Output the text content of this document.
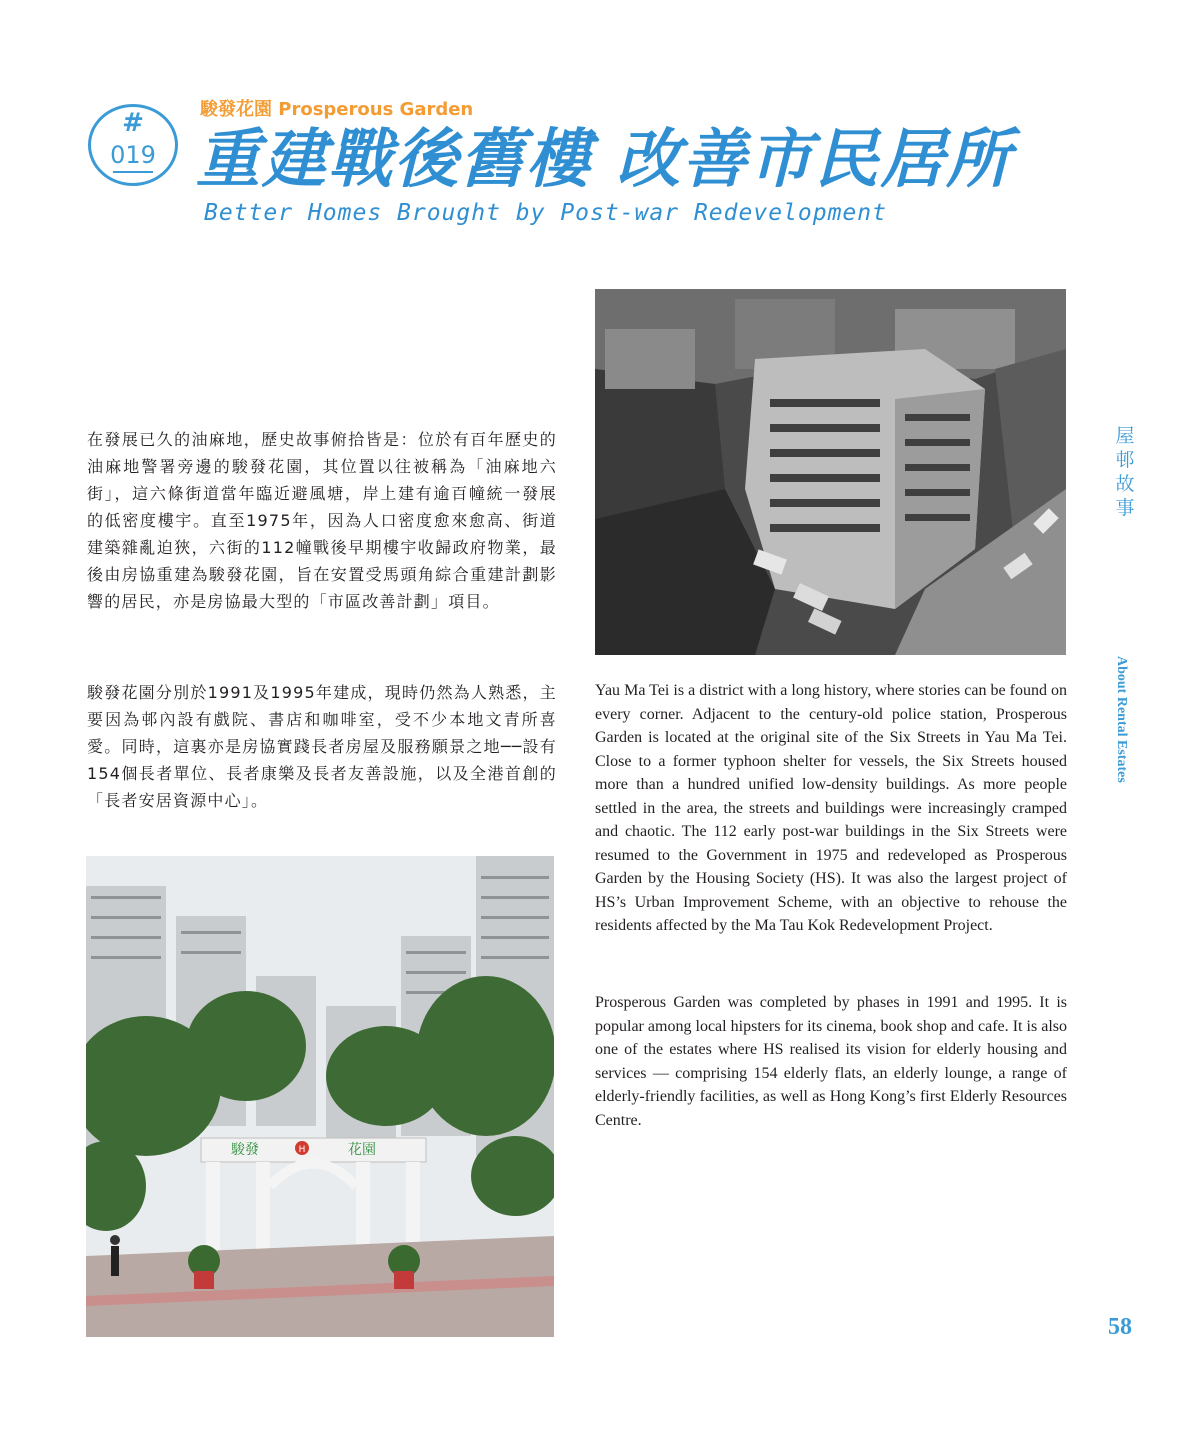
#
019
駿發花園 Prosperous Garden
重建戰後舊樓 改善市民居所
Better Homes Brought by Post-war Redevelopment

在發展已久的油麻地，歷史故事俯拾皆是：位於有百年歷史的油麻地警署旁邊的駿發花園，其位置以往被稱為「油麻地六街」，這六條街道當年臨近避風塘，岸上建有逾百幢統一發展的低密度樓宇。直至1975年，因為人口密度愈來愈高、街道建築雜亂迫狹，六街的112幢戰後早期樓宇收歸政府物業，最後由房協重建為駿發花園，旨在安置受馬頭角綜合重建計劃影響的居民，亦是房協最大型的「市區改善計劃」項目。

駿發花園分別於1991及1995年建成，現時仍然為人熟悉，主要因為邨內設有戲院、書店和咖啡室，受不少本地文青所喜愛。同時，這裏亦是房協實踐長者房屋及服務願景之地──設有154個長者單位、長者康樂及長者友善設施，以及全港首創的「長者安居資源中心」。

Yau Ma Tei is a district with a long history, where stories can be found on every corner. Adjacent to the century-old police station, Prosperous Garden is located at the original site of the Six Streets in Yau Ma Tei. Close to a former typhoon shelter for vessels, the Six Streets housed more than a hundred unified low-density buildings. As more people settled in the area, the streets and buildings were increasingly cramped and chaotic. The 112 early post-war buildings in the Six Streets were resumed to the Government in 1975 and redeveloped as Prosperous Garden by the Housing Society (HS). It was also the largest project of HS’s Urban Improvement Scheme, with an objective to rehouse the residents affected by the Ma Tau Kok Redevelopment Project.

Prosperous Garden was completed by phases in 1991 and 1995. It is popular among local hipsters for its cinema, book shop and cafe. It is also one of the estates where HS realised its vision for elderly housing and services — comprising 154 elderly flats, an elderly lounge, a range of elderly-friendly facilities, as well as Hong Kong’s first Elderly Resources Centre.

H
駿發	花園
屋邨故事
About Rental Estates
58
